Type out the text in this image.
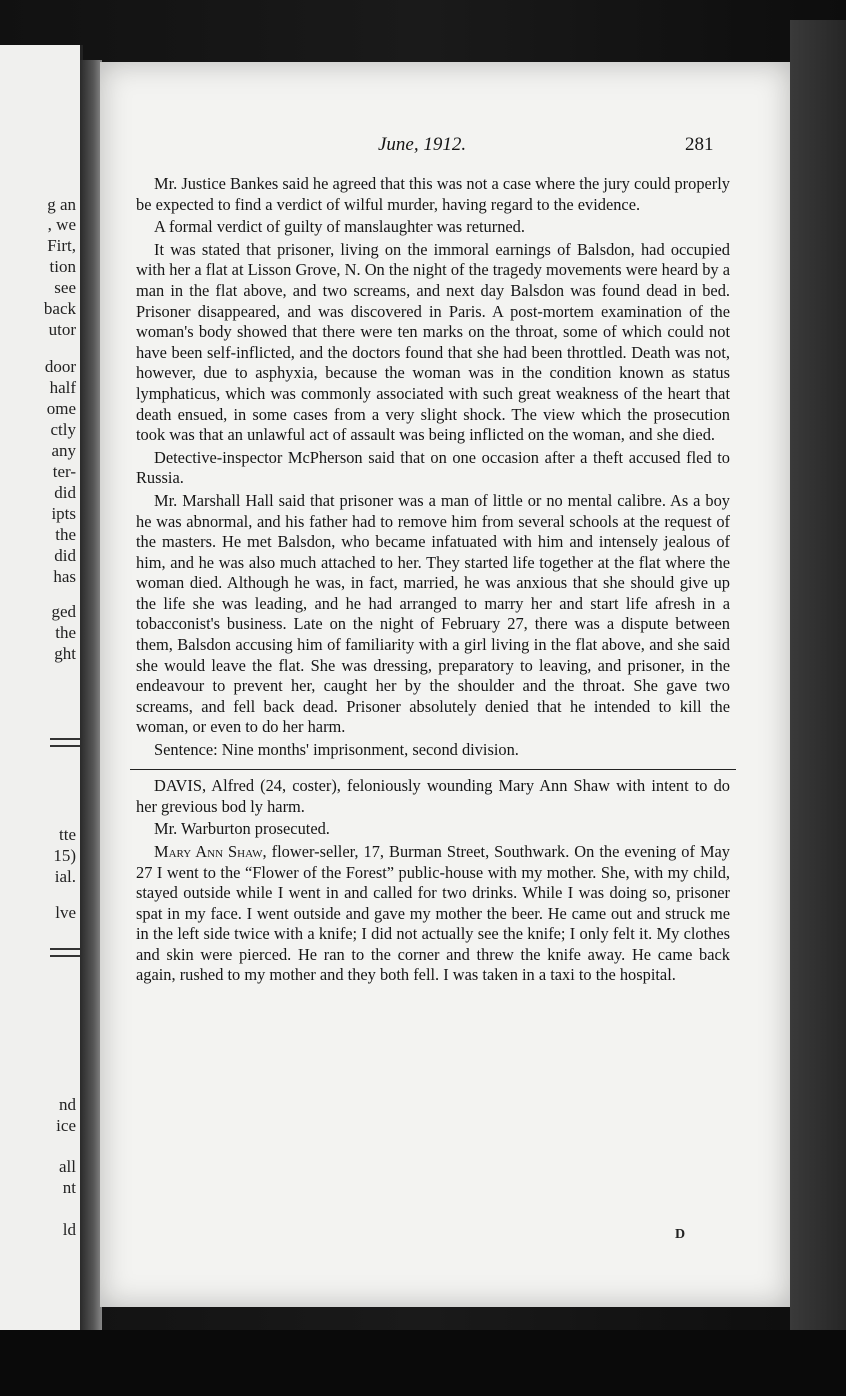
g an

, we

Firt,

tion

see

back

utor

door

half

ome

ctly

any

ter-

did

ipts

the

did

has

ged

the

ght

tte

15)

ial.

lve

nd

ice

all

nt

ld

June, 1912.	281

Mr. Justice Bankes said he agreed that this was not a case where the jury could properly be expected to find a verdict of wilful murder, having regard to the evidence.

A formal verdict of guilty of manslaughter was returned.

It was stated that prisoner, living on the immoral earnings of Balsdon, had occupied with her a flat at Lisson Grove, N. On the night of the tragedy movements were heard by a man in the flat above, and two screams, and next day Balsdon was found dead in bed. Prisoner disappeared, and was discovered in Paris. A post-mortem examination of the woman's body showed that there were ten marks on the throat, some of which could not have been self-inflicted, and the doctors found that she had been throttled. Death was not, however, due to asphyxia, because the woman was in the condition known as status lymphaticus, which was commonly associated with such great weakness of the heart that death ensued, in some cases from a very slight shock. The view which the prosecution took was that an unlawful act of assault was being inflicted on the woman, and she died.

Detective-inspector McPherson said that on one occasion after a theft accused fled to Russia.

Mr. Marshall Hall said that prisoner was a man of little or no mental calibre. As a boy he was abnormal, and his father had to remove him from several schools at the request of the masters. He met Balsdon, who became infatuated with him and intensely jealous of him, and he was also much attached to her. They started life together at the flat where the woman died. Although he was, in fact, married, he was anxious that she should give up the life she was leading, and he had arranged to marry her and start life afresh in a tobacconist's business. Late on the night of February 27, there was a dispute between them, Balsdon accusing him of familiarity with a girl living in the flat above, and she said she would leave the flat. She was dressing, preparatory to leaving, and prisoner, in the endeavour to prevent her, caught her by the shoulder and the throat. She gave two screams, and fell back dead. Prisoner absolutely denied that he intended to kill the woman, or even to do her harm.

Sentence: Nine months' imprisonment, second division.

DAVIS, Alfred (24, coster), feloniously wounding Mary Ann Shaw with intent to do her grevious bod ly harm.

Mr. Warburton prosecuted.

Mary Ann Shaw, flower-seller, 17, Burman Street, Southwark. On the evening of May 27 I went to the “Flower of the Forest” public-house with my mother. She, with my child, stayed outside while I went in and called for two drinks. While I was doing so, prisoner spat in my face. I went outside and gave my mother the beer. He came out and struck me in the left side twice with a knife; I did not actually see the knife; I only felt it. My clothes and skin were pierced. He ran to the corner and threw the knife away. He came back again, rushed to my mother and they both fell. I was taken in a taxi to the hospital.

D
